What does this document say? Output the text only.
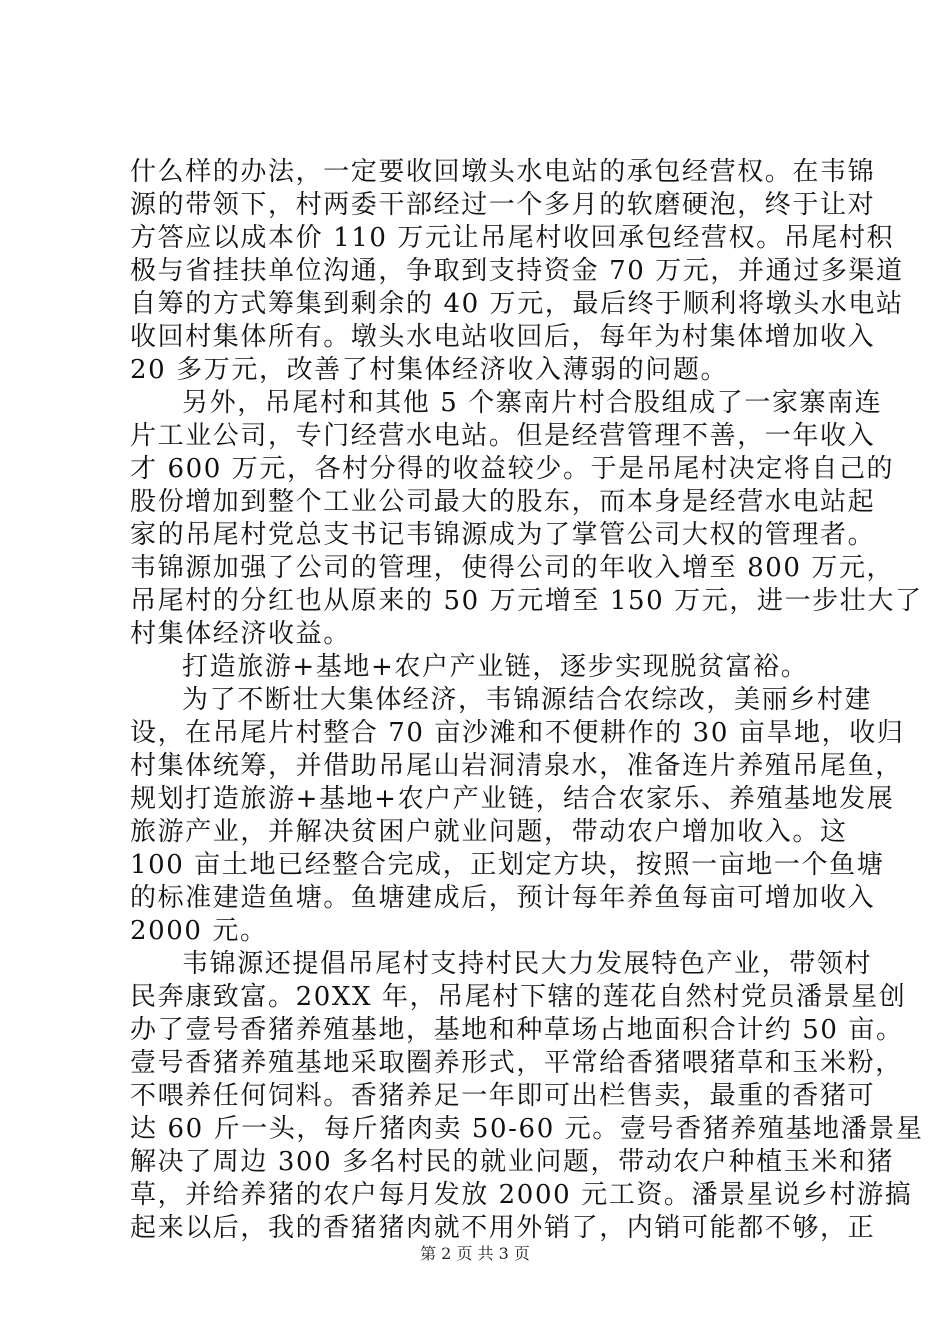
什么样的办法，一定要收回墩头水电站的承包经营权。在韦锦
源的带领下，村两委干部经过一个多月的软磨硬泡，终于让对
方答应以成本价 110 万元让吊尾村收回承包经营权。吊尾村积
极与省挂扶单位沟通，争取到支持资金 70 万元，并通过多渠道
自筹的方式筹集到剩余的 40 万元，最后终于顺利将墩头水电站
收回村集体所有。墩头水电站收回后，每年为村集体增加收入
20 多万元，改善了村集体经济收入薄弱的问题。
另外，吊尾村和其他 5 个寨南片村合股组成了一家寨南连
片工业公司，专门经营水电站。但是经营管理不善，一年收入
才 600 万元，各村分得的收益较少。于是吊尾村决定将自己的
股份增加到整个工业公司最大的股东，而本身是经营水电站起
家的吊尾村党总支书记韦锦源成为了掌管公司大权的管理者。
韦锦源加强了公司的管理，使得公司的年收入增至 800 万元，
吊尾村的分红也从原来的 50 万元增至 150 万元，进一步壮大了
村集体经济收益。
打造旅游+基地+农户产业链，逐步实现脱贫富裕。
为了不断壮大集体经济，韦锦源结合农综改，美丽乡村建
设，在吊尾片村整合 70 亩沙滩和不便耕作的 30 亩旱地，收归
村集体统筹，并借助吊尾山岩洞清泉水，准备连片养殖吊尾鱼，
规划打造旅游+基地+农户产业链，结合农家乐、养殖基地发展
旅游产业，并解决贫困户就业问题，带动农户增加收入。这
100 亩土地已经整合完成，正划定方块，按照一亩地一个鱼塘
的标准建造鱼塘。鱼塘建成后，预计每年养鱼每亩可增加收入
2000 元。
韦锦源还提倡吊尾村支持村民大力发展特色产业，带领村
民奔康致富。20XX 年，吊尾村下辖的莲花自然村党员潘景星创
办了壹号香猪养殖基地，基地和种草场占地面积合计约 50 亩。
壹号香猪养殖基地采取圈养形式，平常给香猪喂猪草和玉米粉，
不喂养任何饲料。香猪养足一年即可出栏售卖，最重的香猪可
达 60 斤一头，每斤猪肉卖 50-60 元。壹号香猪养殖基地潘景星
解决了周边 300 多名村民的就业问题，带动农户种植玉米和猪
草，并给养猪的农户每月发放 2000 元工资。潘景星说乡村游搞
起来以后，我的香猪猪肉就不用外销了，内销可能都不够，正
第 2 页 共 3 页
